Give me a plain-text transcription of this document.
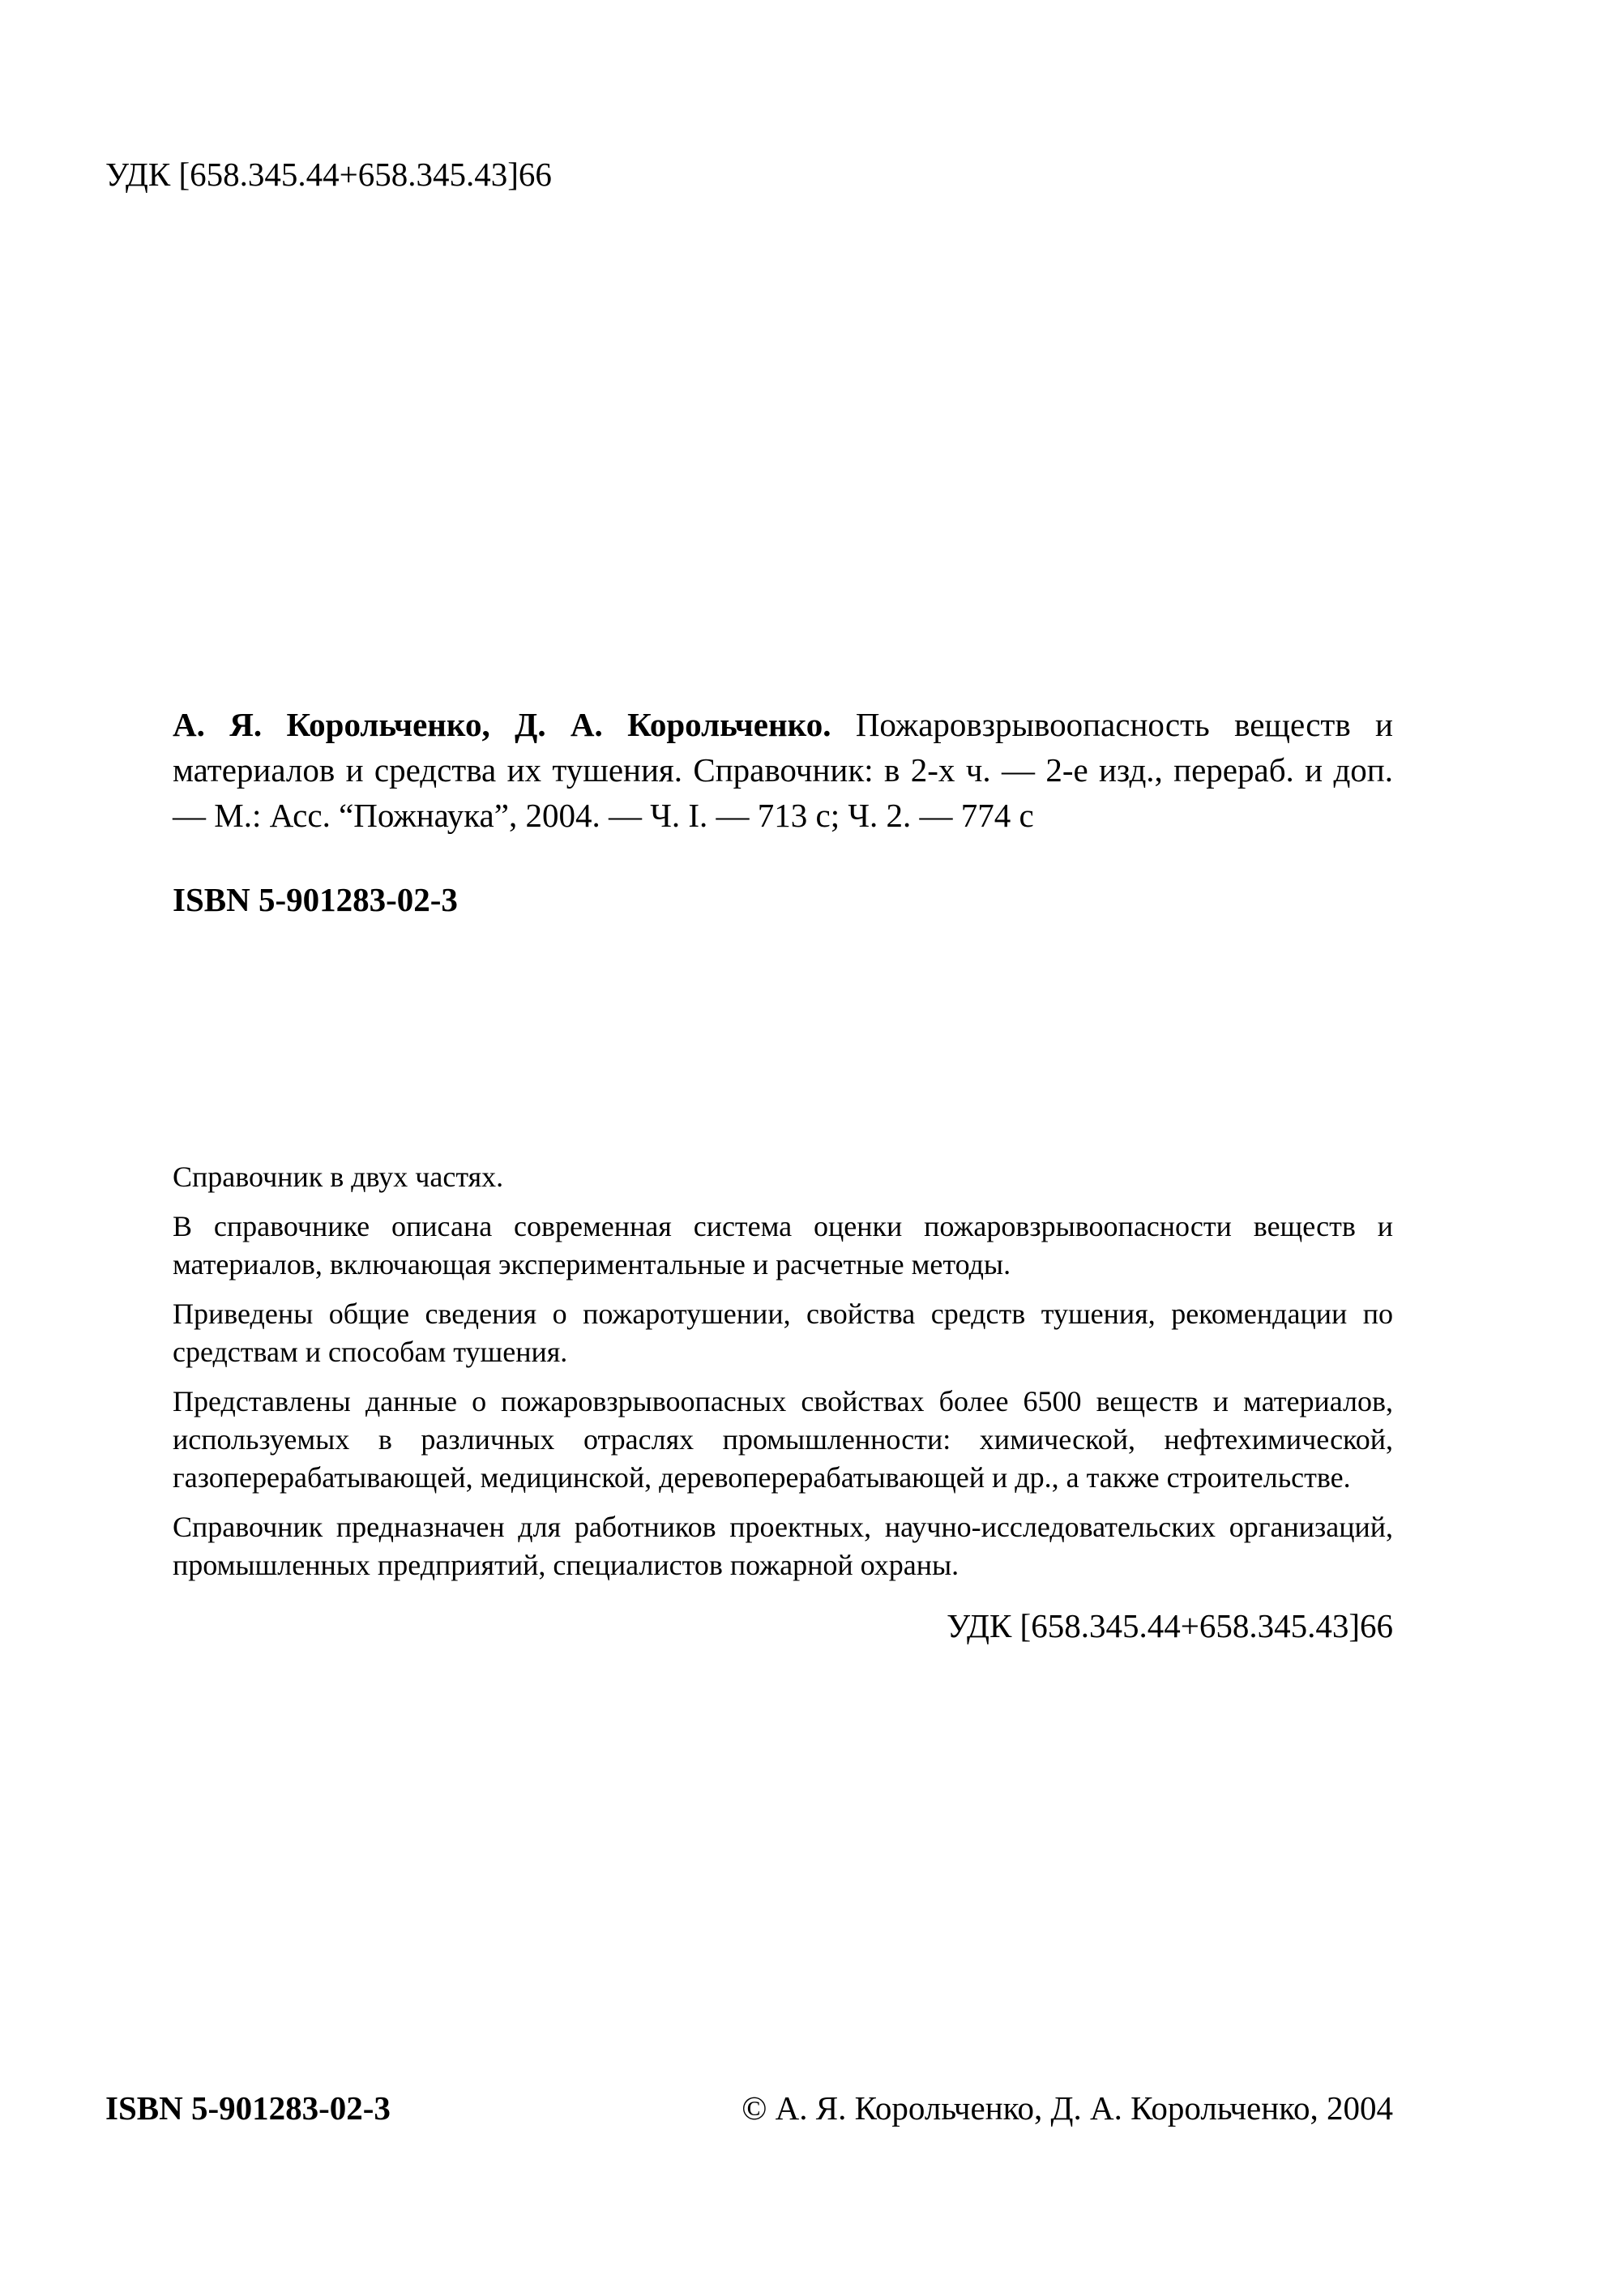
УДК [658.345.44+658.345.43]66
А. Я. Корольченко, Д. А. Корольченко. Пожаровзрывоопасность веществ и материалов и средства их тушения. Справочник: в 2-х ч. — 2-е изд., перераб. и доп. — М.: Асс. “Пожнаука”, 2004. — Ч. I. — 713 с; Ч. 2. — 774 с
ISBN 5-901283-02-3

Справочник в двух частях.

В справочнике описана современная система оценки пожаровзрывоопасности веществ и материалов, включающая экспериментальные и расчетные методы.

Приведены общие сведения о пожаротушении, свойства средств тушения, рекомендации по средствам и способам тушения.

Представлены данные о пожаровзрывоопасных свойствах более 6500 веществ и материалов, используемых в различных отраслях промышленности: химической, нефтехимической, газоперерабатывающей, медицинской, деревоперерабатывающей и др., а также строительстве.

Справочник предназначен для работников проектных, научно-исследовательских организаций, промышленных предприятий, специалистов пожарной охраны.

УДК [658.345.44+658.345.43]66

ISBN 5-901283-02-3	© А. Я. Корольченко, Д. А. Корольченко, 2004
